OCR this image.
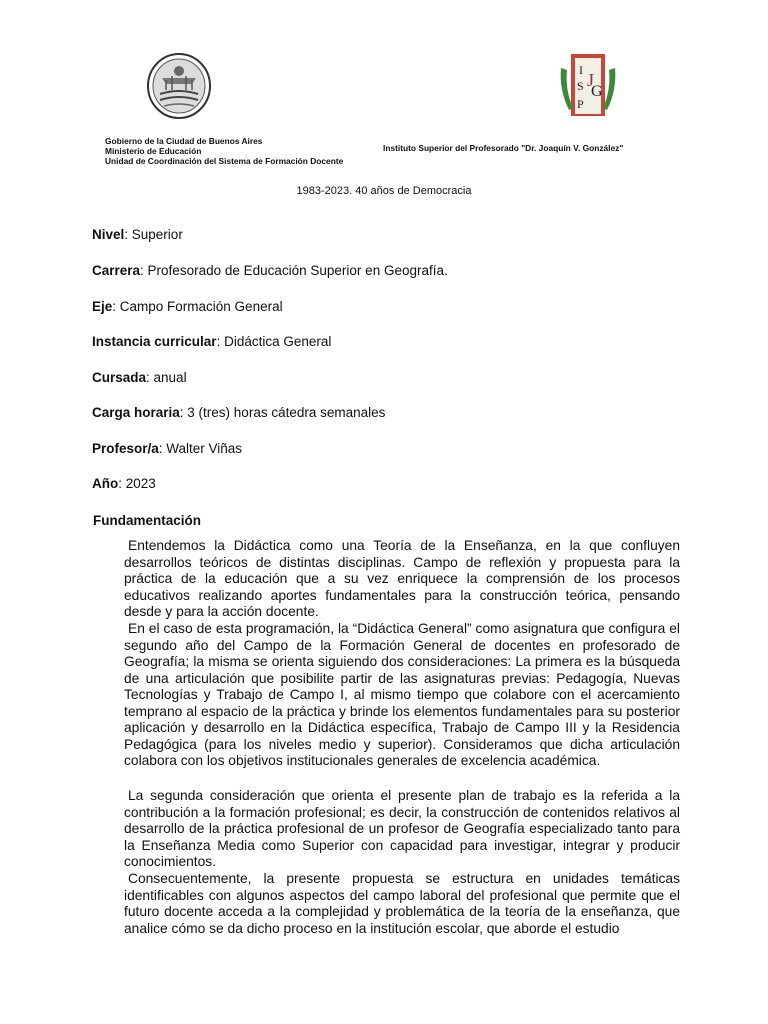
I
S
P
J
G
Gobierno de la Ciudad de Buenos Aires
Ministerio de Educación
Unidad de Coordinación del Sistema de Formación Docente
Instituto Superior del Profesorado "Dr. Joaquín V. González"
1983-2023. 40 años de Democracia
Nivel: Superior
Carrera: Profesorado de Educación Superior en Geografía.
Eje: Campo Formación General
Instancia curricular: Didáctica General
Cursada: anual
Carga horaria: 3 (tres) horas cátedra semanales
Profesor/a: Walter Viñas
Año: 2023
Fundamentación

Entendemos la Didáctica como una Teoría de la Enseñanza, en la que confluyen desarrollos teóricos de distintas disciplinas. Campo de reflexión y propuesta para la práctica de la educación que a su vez enriquece la comprensión de los procesos educativos realizando aportes fundamentales para la construcción teórica, pensando desde y para la acción docente.

En el caso de esta programación, la “Didáctica General” como asignatura que configura el segundo año del Campo de la Formación General de docentes en profesorado de Geografía; la misma se orienta siguiendo dos consideraciones: La primera es la búsqueda de una articulación que posibilite partir de las asignaturas previas: Pedagogía, Nuevas Tecnologías y Trabajo de Campo I, al mismo tiempo que colabore con el acercamiento temprano al espacio de la práctica y brinde los elementos fundamentales para su posterior aplicación y desarrollo en la Didáctica específica, Trabajo de Campo III y la Residencia Pedagógica (para los niveles medio y superior). Consideramos que dicha articulación colabora con los objetivos institucionales generales de excelencia académica.

La segunda consideración que orienta el presente plan de trabajo es la referida a la contribución a la formación profesional; es decir, la construcción de contenidos relativos al desarrollo de la práctica profesional de un profesor de Geografía especializado tanto para la Enseñanza Media como Superior con capacidad para investigar, integrar y producir conocimientos.

Consecuentemente, la presente propuesta se estructura en unidades temáticas identificables con algunos aspectos del campo laboral del profesional que permite que el futuro docente acceda a la complejidad y problemática de la teoría de la enseñanza, que analice cómo se da dicho proceso en la institución escolar, que aborde el estudio
